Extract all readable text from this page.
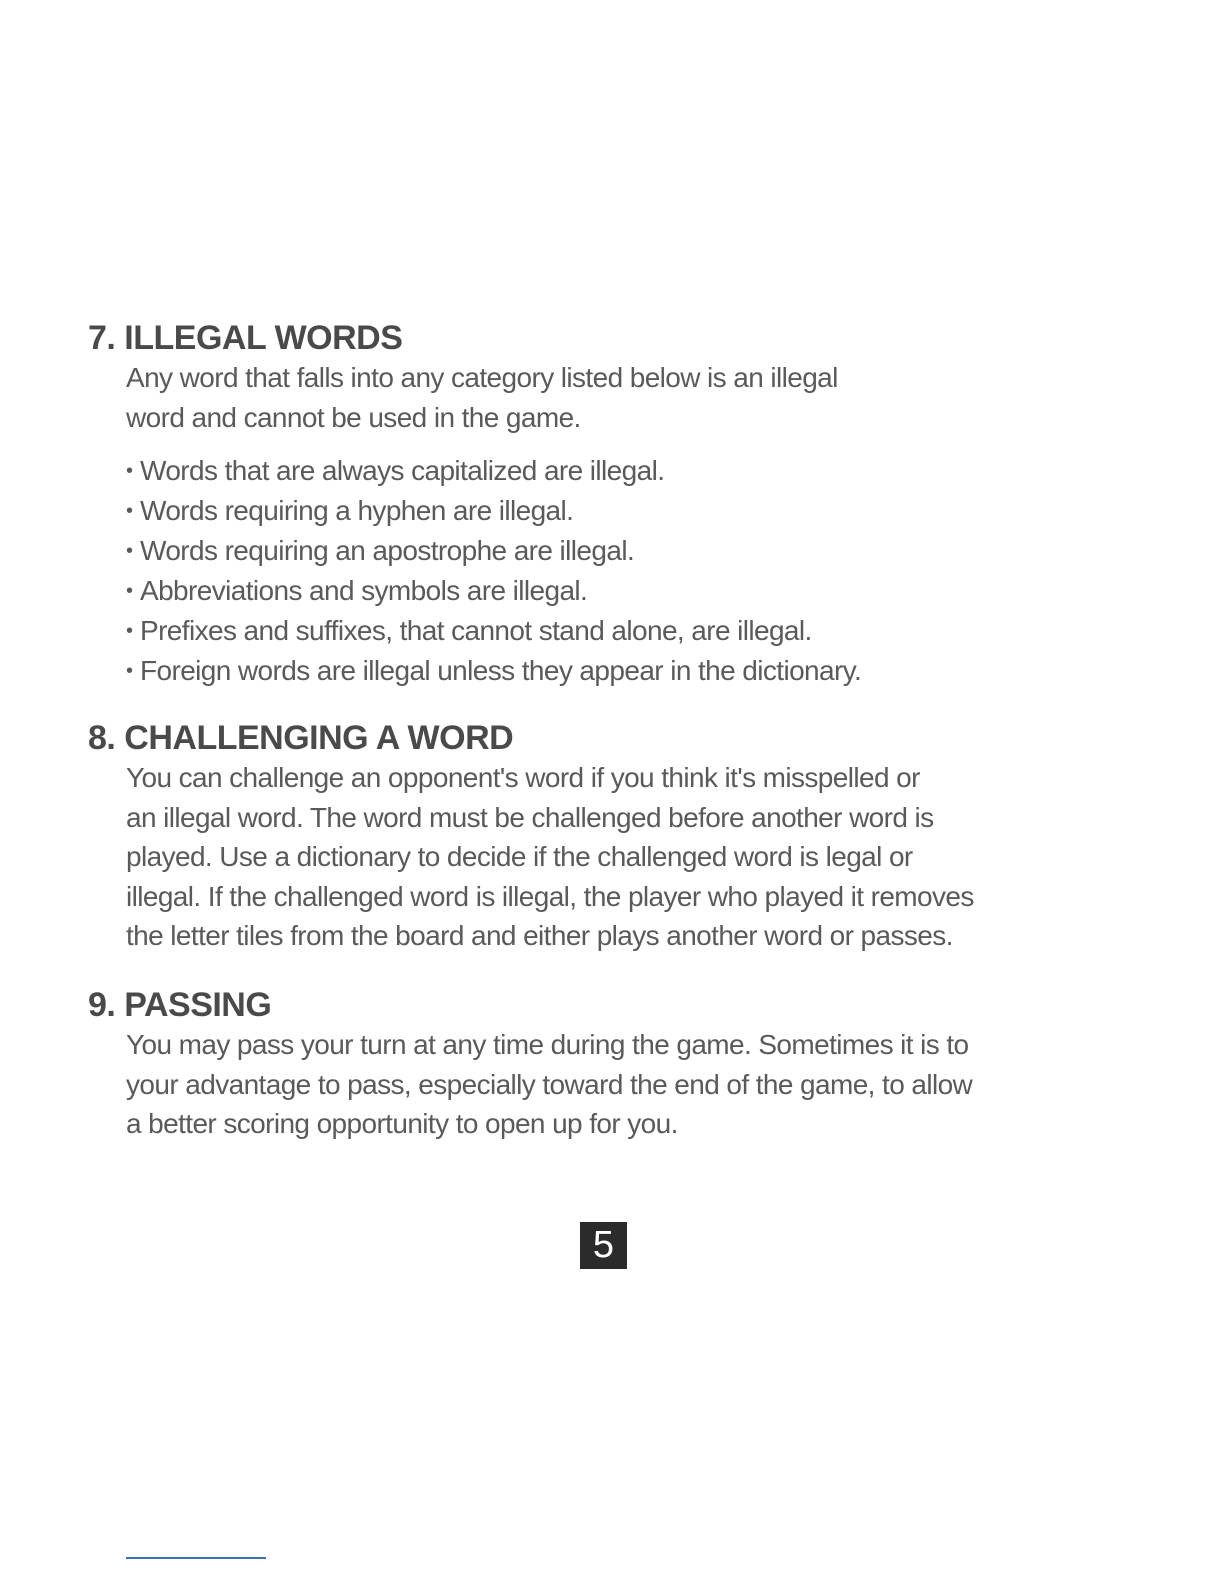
7. ILLEGAL WORDS

Any word that falls into any category listed below is an illegal
word and cannot be used in the game.

• Words that are always capitalized are illegal.
• Words requiring a hyphen are illegal.
• Words requiring an apostrophe are illegal.
• Abbreviations and symbols are illegal.
• Prefixes and suffixes, that cannot stand alone, are illegal.
• Foreign words are illegal unless they appear in the dictionary.
8. CHALLENGING A WORD

You can challenge an opponent's word if you think it's misspelled or
an illegal word. The word must be challenged before another word is
played. Use a dictionary to decide if the challenged word is legal or
illegal. If the challenged word is illegal, the player who played it removes
the letter tiles from the board and either plays another word or passes.

9. PASSING

You may pass your turn at any time during the game. Sometimes it is to
your advantage to pass, especially toward the end of the game, to allow
a better scoring opportunity to open up for you.

5
